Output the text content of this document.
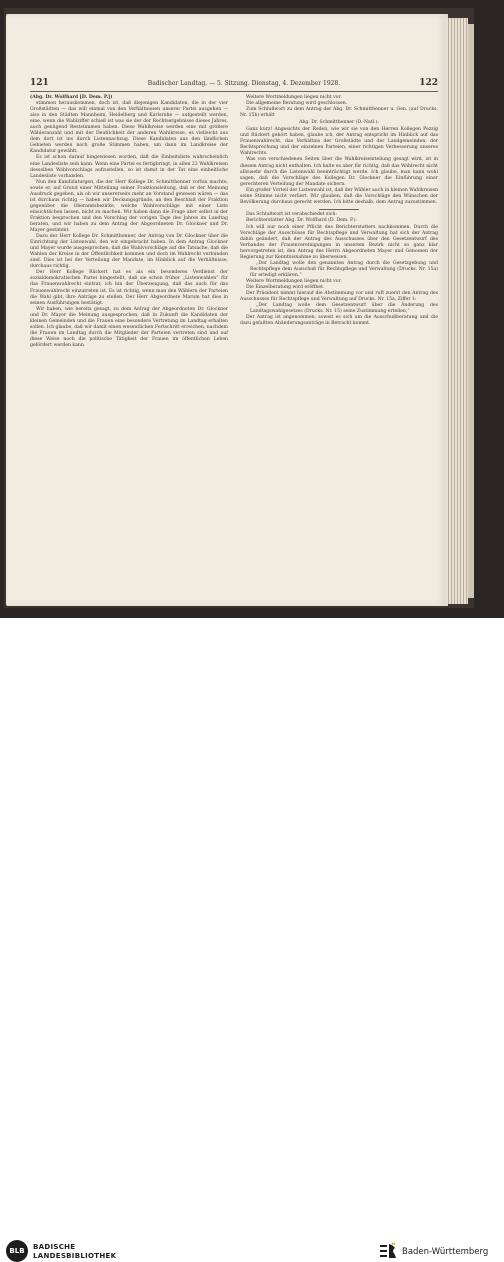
121	Badischer Landtag. — 5. Sitzung. Dienstag, 4. Dezember 1928.	122

(Abg. Dr. Wolfhard [D. Dem. P.])

stimmen herauskommen, doch ist, daß diejenigen Kandidaten, die in der vier Großstädten — das will einmal von den Verhältnissen unserer Partei ausgehen — also in den Städten Mannheim, Heidelberg und Karlsruhe — aufgestellt werden, eine, wenn die Wahlziffer schieß ist was sie der der Rechtsergebnisse dieses Jahres, auch genügend Reststimmen haben. Diese Wahlkreise werden eine mit größere Wähleranzahl und mit der Deutlichkeit der anderen Wahlkreise, es vielleicht aus dem dort ist ins durch Listennachzug. Diese Kandidaten aus den ländlichen Gebieten werden noch große Stimmen haben, um dann im Landkreise der Kandidatur gewählt.

Es ist schon darauf hingewiesen worden, daß die Einheitsliste wahrscheinlich eine Landesliste sein kann. Wenn eine Partei es fertigbringt, in allen 22 Wahlkreisen desselben Wahlvorschlags aufzustellen, so ist damit in der Tat eine einheitliche Landesliste vorhanden.

Nun den Kandidaturgen, die der Herr Kollege Dr. Schmitthenner vorhin machte, sowie er, auf Grund einer Mitteilung seiner Fraktionsleitung, daß er der Meinung Ausdruck gegeben, als ob wir unsererseits mehr an Vorstand gewesen wären — das ist durchaus richtig — haben wir Deckungsgründe, an den Beschluß der Fraktion gegenüber die Oberamtsbezirke, welche Wahlvorschläge mit einer Liste einsichtlichen lassen, nicht zu machen. Wir haben dann die Frage aber selbst in der Fraktion besprochen und den Vorschlag der vorigen Tage des Jahres im Landtag beraten, und wir haben zu dem Antrag der Abgeordneten Dr. Glockner und Dr. Mayer gestimmt.

Dazu der Herr Kollege Dr. Schmitthenner, der Antrag von Dr. Glockner über die Einrichtung der Listenwahl, den wir eingebracht haben. In dem Antrag Glockner und Mayer wurde ausgesprochen, daß die Wahlvorschläge auf die Tatsache, daß die Wahlen der Kreise in der Öffentlichkeit kommen und doch im Wahlrecht verbunden sind. Dies ist bei der Verteilung der Mandate, im Hinblick auf die Verhältnisse, durchaus richtig.

Der Herr Kollege Rückert hat es als ein besonderes Verdienst der sozialdemokratischen Partei hingestellt, daß sie schon früher „Listenwahlen“ für das Frauenwahlrecht eintrat; ich bin der Überzeugung, daß das auch für das Frauenwahlrecht einzutreten ist. Es ist richtig, wenn man den Wählern der Parteien die Wahl gibt, ihre Anträge zu stellen. Der Herr Abgeordnete Marum hat dies in seinen Ausführungen bestätigt.

Wir haben, wie bereits gesagt, zu dem Antrag der Abgeordneten Dr. Glockner und Dr. Mayer die Meinung ausgesprochen, daß in Zukunft die Kandidaten der kleinen Gemeinden und die Frauen eine besondere Vertretung im Landtag erhalten sollen. Ich glaube, daß wir damit einen wesentlichen Fortschritt erreichen, nachdem die Frauen im Landtag durch die Mitglieder der Parteien vertreten sind und auf diese Weise noch die politische Tätigkeit der Frauen im öffentlichen Leben gefördert werden kann.

Weitere Wortmeldungen liegen nicht vor.

Die allgemeine Beratung wird geschlossen.

Zum Schlußwort zu dem Antrag der Abg. Dr. Schmitthenner u. Gen. (auf Drucks. Nr. 15b) erhält

Abg. Dr. Schmitthenner (D.-Natl.):

Ganz kurz! Angesichts der Reden, wie wir sie von den Herren Kollegen Pezzig und Rückert gehört haben, glaube ich, der Antrag entspricht im Hinblick auf das Frauenwahlrecht, das Verhältnis der Großstädte und der Landgemeinden, der Rechtsprechung und der einzelnen Parteien, einer richtigen Verbesserung unseres Wahlrechts.

Was von verschiedenen Seiten über die Wahlkreiseinteilung gesagt wird, ist in diesem Antrag nicht enthalten. Ich halte es aber für richtig, daß das Wahlrecht nicht allzusehr durch die Listenwahl beeinträchtigt werde. Ich glaube, man kann wohl sagen, daß die Vorschläge des Kollegen Dr. Glockner die Einführung einer gerechteren Verteilung der Mandate sichern.

Ein großer Vorteil der Listenwahl ist, daß der Wähler auch in kleinen Wahlkreisen seine Stimme nicht verliert. Wir glauben, daß die Vorschläge den Wünschen der Bevölkerung durchaus gerecht werden. Ich bitte deshalb, dem Antrag zuzustimmen.

Das Schlußwort ist verabschiedet sich:

Berichterstatter Abg. Dr. Wolfhard (D. Dem. P.):

Ich will nur noch einer Pflicht des Berichterstatters nachkommen. Durch die Vorschläge der Ausschüsse für Rechtspflege und Verwaltung hat sich der Antrag dahin geändert, daß der Antrag des Ausschusses über den Gesetzentwurf des Verbandes der Frauenvereinigungen in unserem Bezirk nicht so ganz klar hervorgetreten ist, den Antrag des Herrn Abgeordneten Mayer und Genossen der Regierung zur Kenntnisnahme zu überweisen.

„Der Landtag wolle den genannten Antrag durch die Gesetzgebung und Rechtspflege dem Ausschuß für Rechtspflege und Verwaltung (Drucks. Nr. 15a) für erledigt erklären.“

Weitere Wortmeldungen liegen nicht vor.

Die Einzelberatung wird eröffnet.

Der Präsident nimmt hierauf die Abstimmung vor und ruft zuerst den Antrag des Ausschusses für Rechtspflege und Verwaltung auf Drucks. Nr. 15a, Ziffer 1:

„Der Landtag wolle dem Gesetzentwurf über die Änderung des Landtagswahlgesetzes (Drucks. Nr. 15) seine Zustimmung erteilen,“

Der Antrag ist angenommen, soweit es sich um die Ausschußberatung und die dazu gefaßten Abänderungsanträge in Betracht kommt.

BLB	BADISCHE
LANDESBIBLIOTHEK	Baden-Württemberg
